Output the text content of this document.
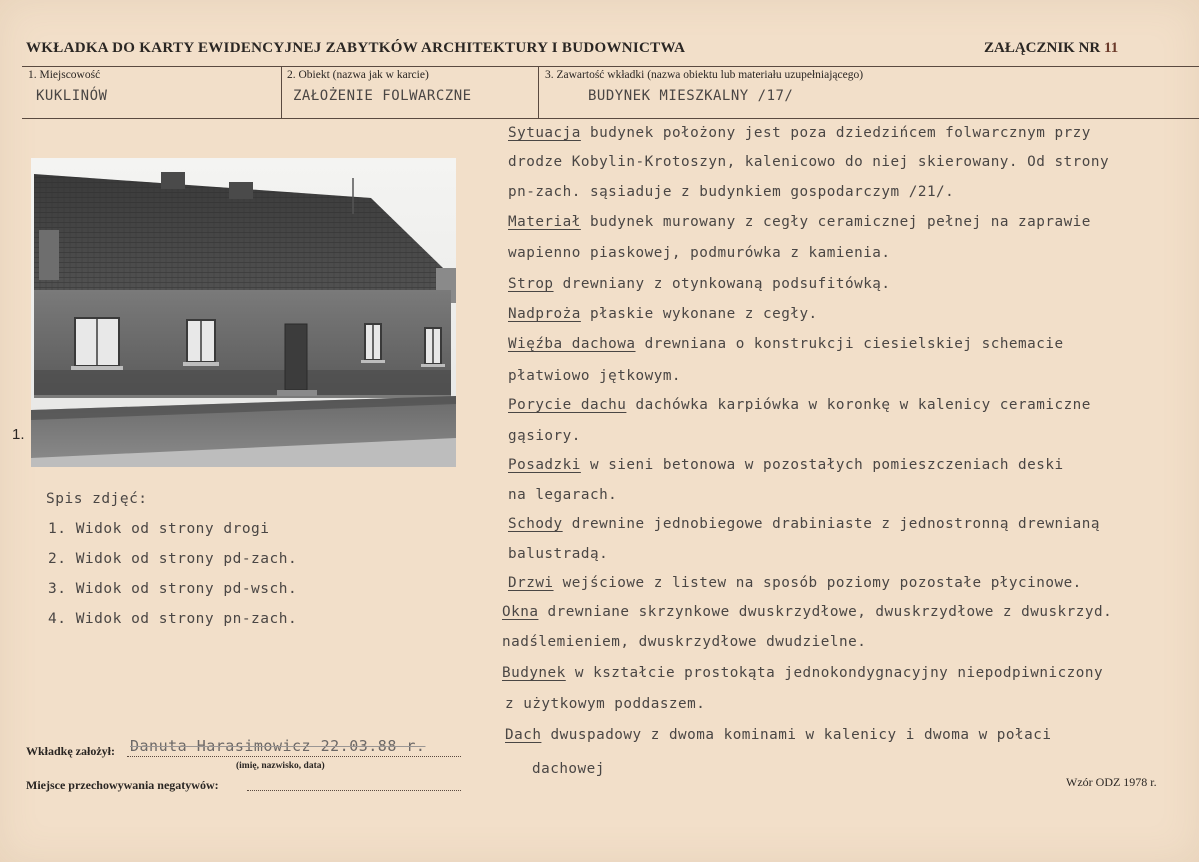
WKŁADKA DO KARTY EWIDENCYJNEJ ZABYTKÓW ARCHITEKTURY I BUDOWNICTWA	ZAŁĄCZNIK NR 11
1. Miejscowość	2. Obiekt (nazwa jak w karcie)	3. Zawartość wkładki (nazwa obiektu lub materiału uzupełniającego)
KUKLINÓW	ZAŁOŻENIE FOLWARCZNE	BUDYNEK MIESZKALNY /17/
1.
Spis zdjęć:
1. Widok od strony drogi
2. Widok od strony pd-zach.
3. Widok od strony pd-wsch.
4. Widok od strony pn-zach.
Sytuacja budynek położony jest poza dziedzińcem folwarcznym przy
drodze Kobylin-Krotoszyn, kalenicowo do niej skierowany. Od strony
pn-zach. sąsiaduje z budynkiem gospodarczym /21/.
Materiał budynek murowany z cegły ceramicznej pełnej na zaprawie
wapienno piaskowej, podmurówka z kamienia.
Strop drewniany z otynkowaną podsufitówką.
Nadproża płaskie wykonane z cegły.
Więźba dachowa drewniana o konstrukcji ciesielskiej schemacie
płatwiowo jętkowym.
Porycie dachu dachówka karpiówka w koronkę w kalenicy ceramiczne
gąsiory.
Posadzki w sieni betonowa w pozostałych pomieszczeniach deski
na legarach.
Schody drewnine jednobiegowe drabiniaste z jednostronną drewnianą
balustradą.
Drzwi wejściowe z listew na sposób poziomy pozostałe płycinowe.
Okna drewniane skrzynkowe dwuskrzydłowe, dwuskrzydłowe z dwuskrzyd.
nadślemieniem, dwuskrzydłowe dwudzielne.
Budynek w kształcie prostokąta jednokondygnacyjny niepodpiwniczony
z użytkowym poddaszem.
Dach dwuspadowy z dwoma kominami w kalenicy i dwoma w połaci
dachowej
Wkładkę założył: Danuta Harasimowicz 22.03.88 r.
(imię, nazwisko, data)
Miejsce przechowywania negatywów:	Wzór ODZ 1978 r.
